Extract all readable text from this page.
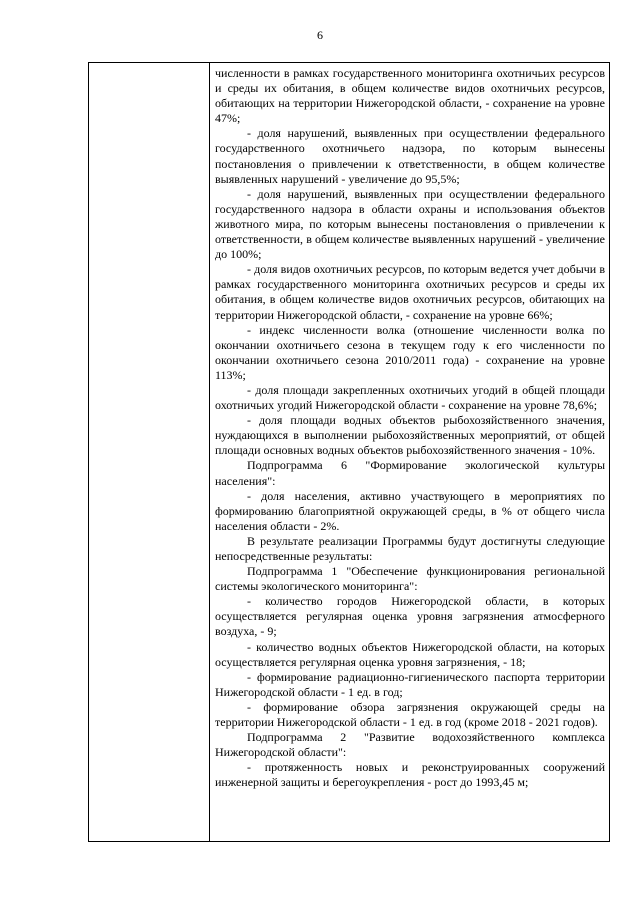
6

численности в рамках государственного мониторинга охотничьих ресурсов и среды их обитания, в общем количестве видов охотничьих ресурсов, обитающих на территории Нижегородской области, - сохранение на уровне 47%;

- доля нарушений, выявленных при осуществлении федерального государственного охотничьего надзора, по которым вынесены постановления о привлечении к ответственности, в общем количестве выявленных нарушений - увеличение до 95,5%;

- доля нарушений, выявленных при осуществлении федерального государственного надзора в области охраны и использования объектов животного мира, по которым вынесены постановления о привлечении к ответственности, в общем количестве выявленных нарушений - увеличение до 100%;

- доля видов охотничьих ресурсов, по которым ведется учет добычи в рамках государственного мониторинга охотничьих ресурсов и среды их обитания, в общем количестве видов охотничьих ресурсов, обитающих на территории Нижегородской области, - сохранение на уровне 66%;

- индекс численности волка (отношение численности волка по окончании охотничьего сезона в текущем году к его численности по окончании охотничьего сезона 2010/2011 года) - сохранение на уровне 113%;

- доля площади закрепленных охотничьих угодий в общей площади охотничьих угодий Нижегородской области - сохранение на уровне 78,6%;

- доля площади водных объектов рыбохозяйственного значения, нуждающихся в выполнении рыбохозяйственных мероприятий, от общей площади основных водных объектов рыбохозяйственного значения - 10%.

Подпрограмма 6 "Формирование экологической культуры населения":

- доля населения, активно участвующего в мероприятиях по формированию благоприятной окружающей среды, в % от общего числа населения области - 2%.

В результате реализации Программы будут достигнуты следующие непосредственные результаты:

Подпрограмма 1 "Обеспечение функционирования региональной системы экологического мониторинга":

- количество городов Нижегородской области, в которых осуществляется регулярная оценка уровня загрязнения атмосферного воздуха, - 9;

- количество водных объектов Нижегородской области, на которых осуществляется регулярная оценка уровня загрязнения, - 18;

- формирование радиационно-гигиенического паспорта территории Нижегородской области - 1 ед. в год;

- формирование обзора загрязнения окружающей среды на территории Нижегородской области - 1 ед. в год (кроме 2018 - 2021 годов).

Подпрограмма 2 "Развитие водохозяйственного комплекса Нижегородской области":

- протяженность новых и реконструированных сооружений инженерной защиты и берегоукрепления - рост до 1993,45 м;
